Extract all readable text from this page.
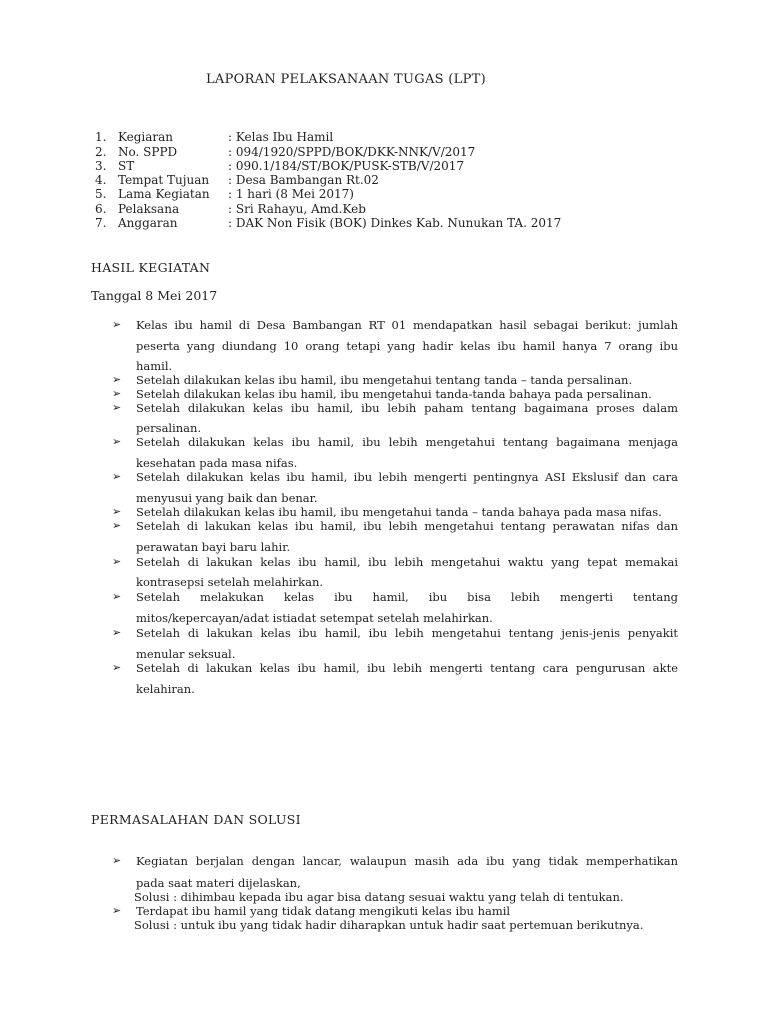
LAPORAN PELAKSANAAN TUGAS (LPT)
1. Kegiaran	: Kelas Ibu Hamil
2. No. SPPD	: 094/1920/SPPD/BOK/DKK-NNK/V/2017
3. ST	: 090.1/184/ST/BOK/PUSK-STB/V/2017
4. Tempat Tujuan : Desa Bambangan Rt.02
5. Lama Kegiatan : 1 hari (8 Mei 2017)
6. Pelaksana	: Sri Rahayu, Amd.Keb
7. Anggaran	: DAK Non Fisik (BOK) Dinkes Kab. Nunukan TA. 2017
HASIL KEGIATAN
Tanggal 8 Mei 2017
➢ Kelas ibu hamil di Desa Bambangan RT 01 mendapatkan hasil sebagai berikut: jumlah
peserta yang diundang 10 orang tetapi yang hadir kelas ibu hamil hanya 7 orang ibu
hamil.
➢ Setelah dilakukan kelas ibu hamil, ibu mengetahui tentang tanda – tanda persalinan.
➢ Setelah dilakukan kelas ibu hamil, ibu mengetahui tanda-tanda bahaya pada persalinan.
➢ Setelah dilakukan kelas ibu hamil, ibu lebih paham tentang bagaimana proses dalam
persalinan.
➢ Setelah dilakukan kelas ibu hamil, ibu lebih mengetahui tentang bagaimana menjaga
kesehatan pada masa nifas.
➢ Setelah dilakukan kelas ibu hamil, ibu lebih mengerti pentingnya ASI Ekslusif dan cara
menyusui yang baik dan benar.
➢ Setelah dilakukan kelas ibu hamil, ibu mengetahui tanda – tanda bahaya pada masa nifas.
➢ Setelah di lakukan kelas ibu hamil, ibu lebih mengetahui tentang perawatan nifas dan
perawatan bayi baru lahir.
➢ Setelah di lakukan kelas ibu hamil, ibu lebih mengetahui waktu yang tepat memakai
kontrasepsi setelah melahirkan.
➢ Setelah melakukan kelas ibu hamil, ibu bisa lebih mengerti tentang
mitos/kepercayan/adat istiadat setempat setelah melahirkan.
➢ Setelah di lakukan kelas ibu hamil, ibu lebih mengetahui tentang jenis-jenis penyakit
menular seksual.
➢ Setelah di lakukan kelas ibu hamil, ibu lebih mengerti tentang cara pengurusan akte
kelahiran.
PERMASALAHAN DAN SOLUSI
➢ Kegiatan berjalan dengan lancar, walaupun masih ada ibu yang tidak memperhatikan
pada saat materi dijelaskan,
Solusi : dihimbau kepada ibu agar bisa datang sesuai waktu yang telah di tentukan.
➢ Terdapat ibu hamil yang tidak datang mengikuti kelas ibu hamil
Solusi : untuk ibu yang tidak hadir diharapkan untuk hadir saat pertemuan berikutnya.
